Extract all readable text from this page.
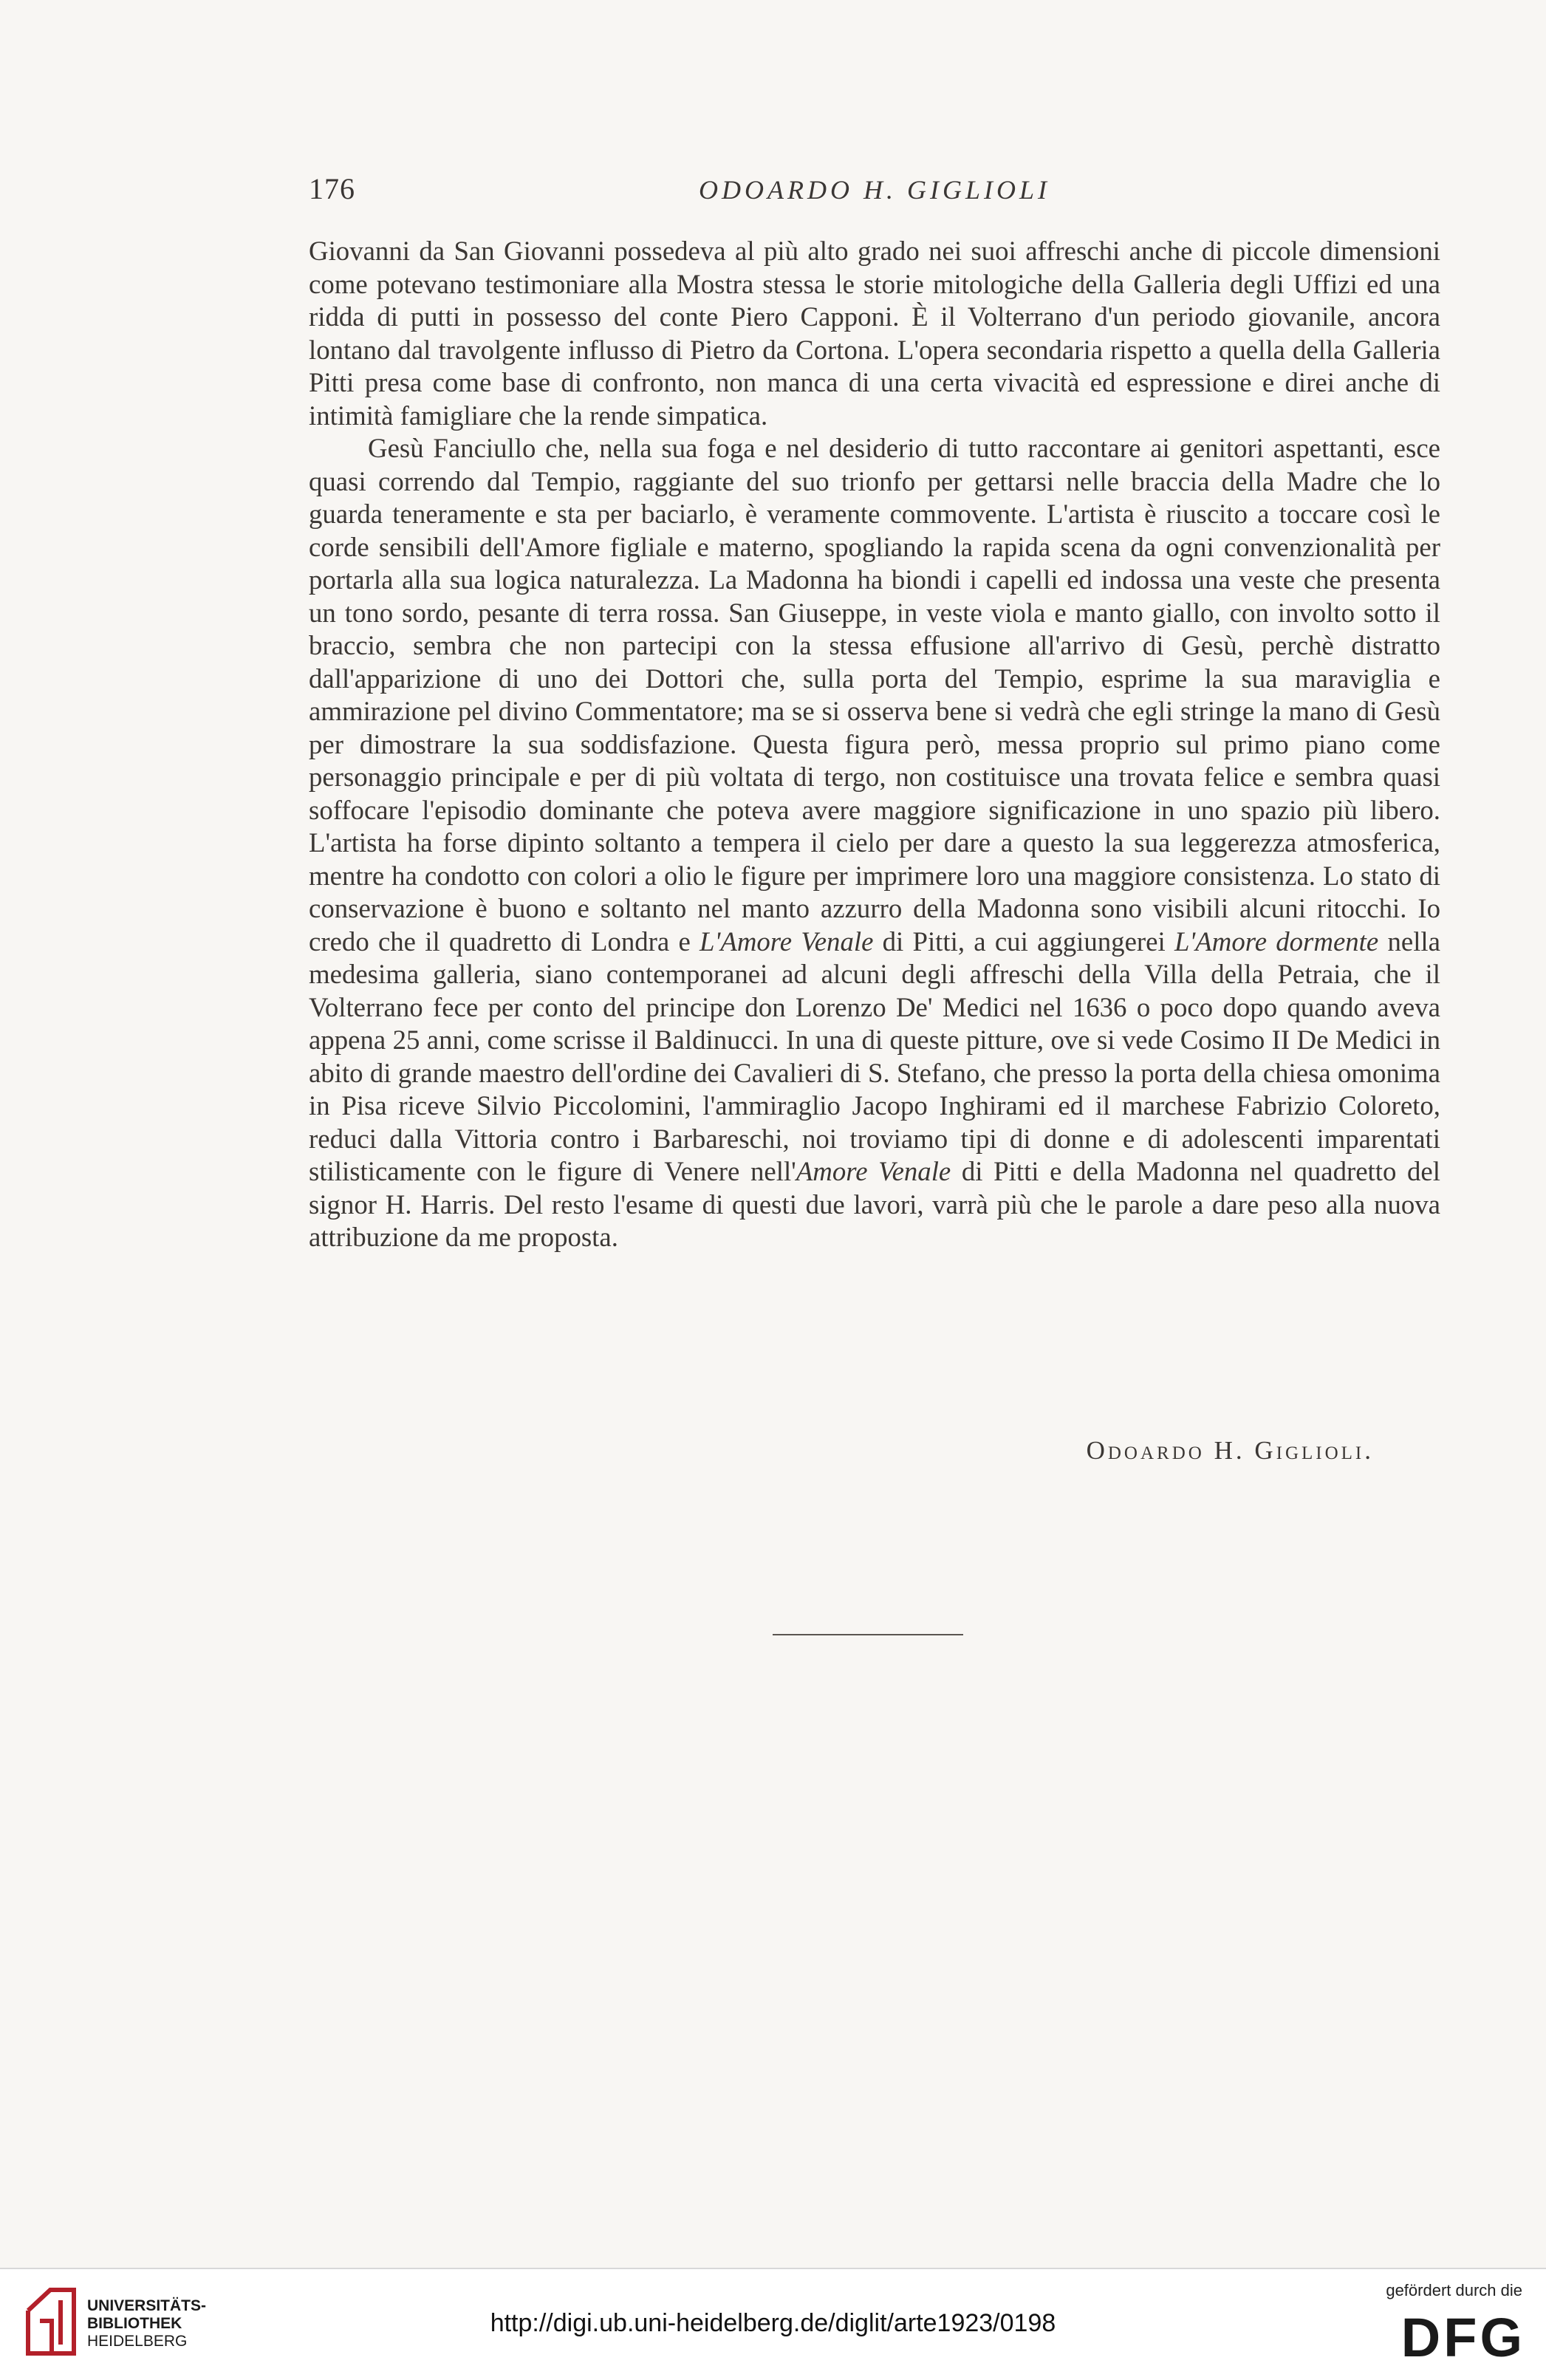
176	ODOARDO H. GIGLIOLI

Giovanni da San Giovanni possedeva al più alto grado nei suoi affreschi anche di piccole dimensioni come potevano testimoniare alla Mostra stessa le storie mitologiche della Galleria degli Uffizi ed una ridda di putti in possesso del conte Piero Capponi. È il Volterrano d'un periodo giovanile, ancora lontano dal travolgente influsso di Pietro da Cortona. L'opera secondaria rispetto a quella della Galleria Pitti presa come base di confronto, non manca di una certa vivacità ed espressione e direi anche di intimità famigliare che la rende simpatica.

Gesù Fanciullo che, nella sua foga e nel desiderio di tutto raccontare ai genitori aspettanti, esce quasi correndo dal Tempio, raggiante del suo trionfo per gettarsi nelle braccia della Madre che lo guarda teneramente e sta per baciarlo, è veramente commovente. L'artista è riuscito a toccare così le corde sensibili dell'Amore figliale e materno, spogliando la rapida scena da ogni convenzionalità per portarla alla sua logica naturalezza. La Madonna ha biondi i capelli ed indossa una veste che presenta un tono sordo, pesante di terra rossa. San Giuseppe, in veste viola e manto giallo, con involto sotto il braccio, sembra che non partecipi con la stessa effusione all'arrivo di Gesù, perchè distratto dall'apparizione di uno dei Dottori che, sulla porta del Tempio, esprime la sua maraviglia e ammirazione pel divino Commentatore; ma se si osserva bene si vedrà che egli stringe la mano di Gesù per dimostrare la sua soddisfazione. Questa figura però, messa proprio sul primo piano come personaggio principale e per di più voltata di tergo, non costituisce una trovata felice e sembra quasi soffocare l'episodio dominante che poteva avere maggiore significazione in uno spazio più libero. L'artista ha forse dipinto soltanto a tempera il cielo per dare a questo la sua leggerezza atmosferica, mentre ha condotto con colori a olio le figure per imprimere loro una maggiore consistenza. Lo stato di conservazione è buono e soltanto nel manto azzurro della Madonna sono visibili alcuni ritocchi. Io credo che il quadretto di Londra e L'Amore Venale di Pitti, a cui aggiungerei L'Amore dormente nella medesima galleria, siano contemporanei ad alcuni degli affreschi della Villa della Petraia, che il Volterrano fece per conto del principe don Lorenzo De' Medici nel 1636 o poco dopo quando aveva appena 25 anni, come scrisse il Baldinucci. In una di queste pitture, ove si vede Cosimo II De Medici in abito di grande maestro dell'ordine dei Cavalieri di S. Stefano, che presso la porta della chiesa omonima in Pisa riceve Silvio Piccolomini, l'ammiraglio Jacopo Inghirami ed il marchese Fabrizio Coloreto, reduci dalla Vittoria contro i Barbareschi, noi troviamo tipi di donne e di adolescenti imparentati stilisticamente con le figure di Venere nell'Amore Venale di Pitti e della Madonna nel quadretto del signor H. Harris. Del resto l'esame di questi due lavori, varrà più che le parole a dare peso alla nuova attribuzione da me proposta.

Odoardo H. Giglioli.
UNIVERSITÄTS-
BIBLIOTHEK
HEIDELBERG
http://digi.ub.uni-heidelberg.de/diglit/arte1923/0198
gefördert durch die
DFG
